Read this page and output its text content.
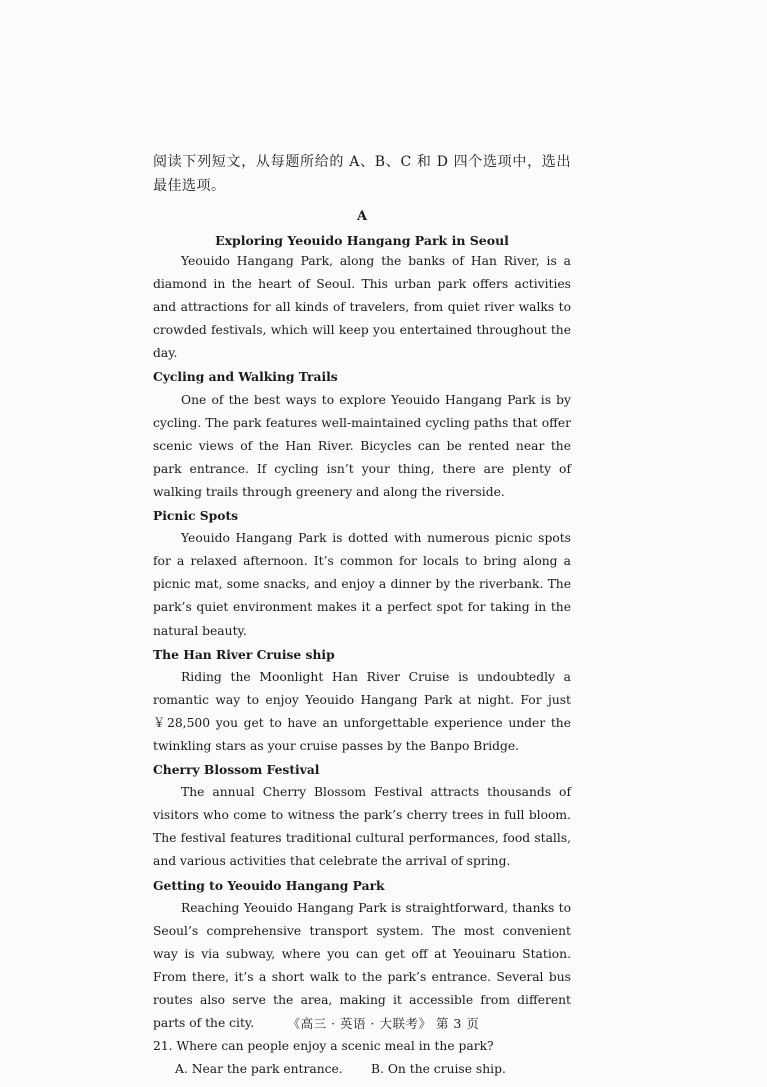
阅读下列短文，从每题所给的 A、B、C 和 D 四个选项中，选出最佳选项。

A
Exploring Yeouido Hangang Park in Seoul

Yeouido Hangang Park, along the banks of Han River, is a diamond in the heart of Seoul. This urban park offers activities and attractions for all kinds of travelers, from quiet river walks to crowded festivals, which will keep you entertained throughout the day.

Cycling and Walking Trails

One of the best ways to explore Yeouido Hangang Park is by cycling. The park features well-maintained cycling paths that offer scenic views of the Han River. Bicycles can be rented near the park entrance. If cycling isn’t your thing, there are plenty of walking trails through greenery and along the riverside.

Picnic Spots

Yeouido Hangang Park is dotted with numerous picnic spots for a relaxed afternoon. It’s common for locals to bring along a picnic mat, some snacks, and enjoy a dinner by the riverbank. The park’s quiet environment makes it a perfect spot for taking in the natural beauty.

The Han River Cruise ship

Riding the Moonlight Han River Cruise is undoubtedly a romantic way to enjoy Yeouido Hangang Park at night. For just ￥28,500 you get to have an unforgettable experience under the twinkling stars as your cruise passes by the Banpo Bridge.

Cherry Blossom Festival

The annual Cherry Blossom Festival attracts thousands of visitors who come to witness the park’s cherry trees in full bloom. The festival features traditional cultural performances, food stalls, and various activities that celebrate the arrival of spring.

Getting to Yeouido Hangang Park

Reaching Yeouido Hangang Park is straightforward, thanks to Seoul’s comprehensive transport system. The most convenient way is via subway, where you can get off at Yeouinaru Station. From there, it’s a short walk to the park’s entrance. Several bus routes also serve the area, making it accessible from different parts of the city.

21. Where can people enjoy a scenic meal in the park?

A. Near the park entrance.	B. On the cruise ship.
《高三 · 英语 · 大联考》 第 3 页
